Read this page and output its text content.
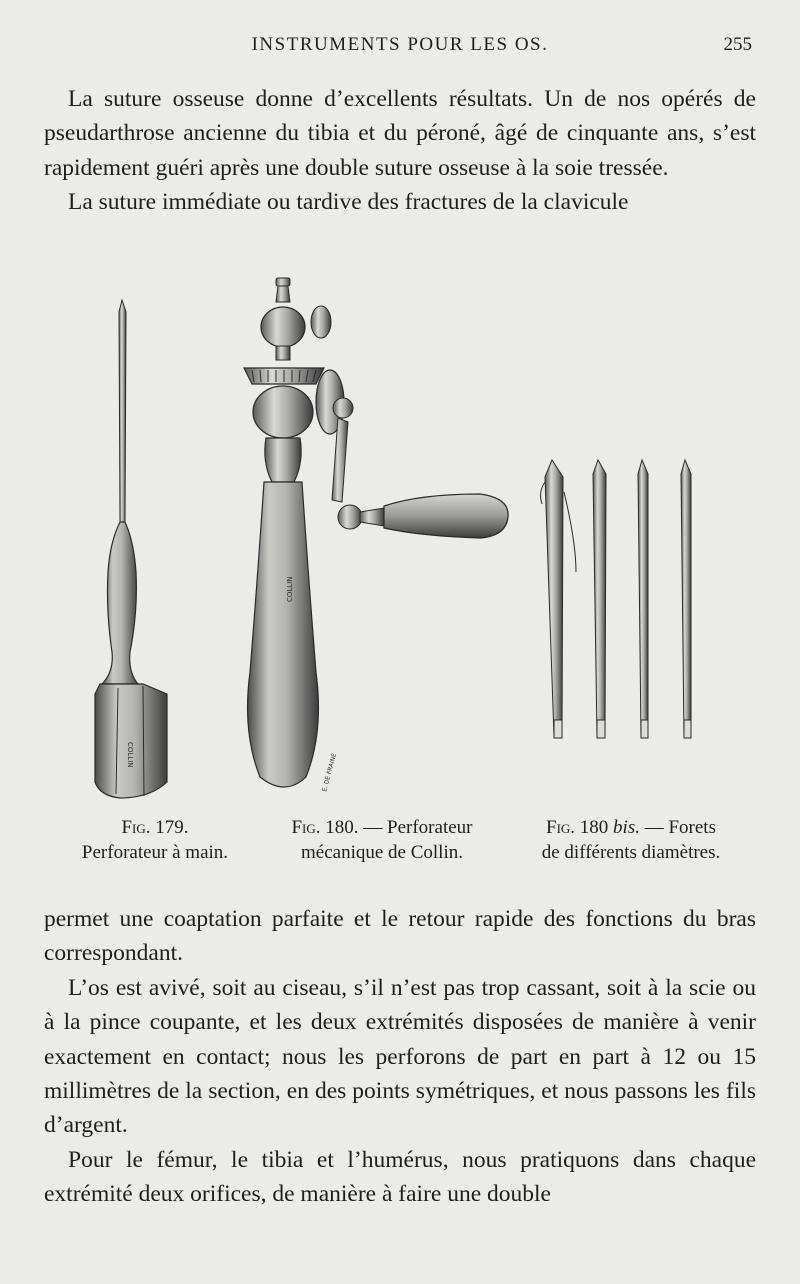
INSTRUMENTS POUR LES OS.	255

La suture osseuse donne d’excellents résultats. Un de nos opérés de pseudarthrose ancienne du tibia et du péroné, âgé de cinquante ans, s’est rapidement guéri après une double suture osseuse à la soie tressée.

La suture immédiate ou tardive des fractures de la clavicule

COLLIN
COLLIN
E. DE FRAINE
Fig. 179.
Perforateur à main.
Fig. 180. — Perforateur
mécanique de Collin.
Fig. 180 bis. — Forets
de différents diamètres.

permet une coaptation parfaite et le retour rapide des fonctions du bras correspondant.

L’os est avivé, soit au ciseau, s’il n’est pas trop cassant, soit à la scie ou à la pince coupante, et les deux extrémités disposées de manière à venir exactement en contact; nous les perforons de part en part à 12 ou 15 millimètres de la section, en des points symétriques, et nous passons les fils d’argent.

Pour le fémur, le tibia et l’humérus, nous pratiquons dans chaque extrémité deux orifices, de manière à faire une double
